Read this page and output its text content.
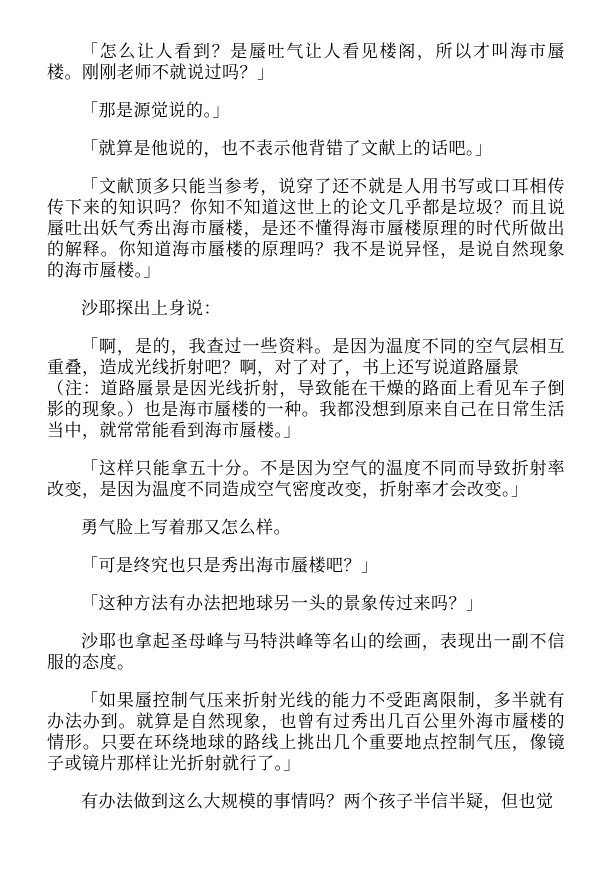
「怎么让人看到？是蜃吐气让人看见楼阁，所以才叫海市蜃楼。刚刚老师不就说过吗？」

「那是源觉说的。」

「就算是他说的，也不表示他背错了文献上的话吧。」

「文献顶多只能当参考，说穿了还不就是人用书写或口耳相传传下来的知识吗？你知不知道这世上的论文几乎都是垃圾？而且说蜃吐出妖气秀出海市蜃楼，是还不懂得海市蜃楼原理的时代所做出的解释。你知道海市蜃楼的原理吗？我不是说异怪，是说自然现象的海市蜃楼。」

沙耶探出上身说：

「啊，是的，我查过一些资料。是因为温度不同的空气层相互重叠，造成光线折射吧？啊，对了对了，书上还写说道路蜃景
（注：道路蜃景是因光线折射，导致能在干燥的路面上看见车子倒影的现象。）也是海市蜃楼的一种。我都没想到原来自己在日常生活当中，就常常能看到海市蜃楼。」

「这样只能拿五十分。不是因为空气的温度不同而导致折射率改变，是因为温度不同造成空气密度改变，折射率才会改变。」

勇气脸上写着那又怎么样。

「可是终究也只是秀出海市蜃楼吧？」

「这种方法有办法把地球另一头的景象传过来吗？」

沙耶也拿起圣母峰与马特洪峰等名山的绘画，表现出一副不信服的态度。

「如果蜃控制气压来折射光线的能力不受距离限制，多半就有办法办到。就算是自然现象，也曾有过秀出几百公里外海市蜃楼的情形。只要在环绕地球的路线上挑出几个重要地点控制气压，像镜子或镜片那样让光折射就行了。」

有办法做到这么大规模的事情吗？两个孩子半信半疑，但也觉
